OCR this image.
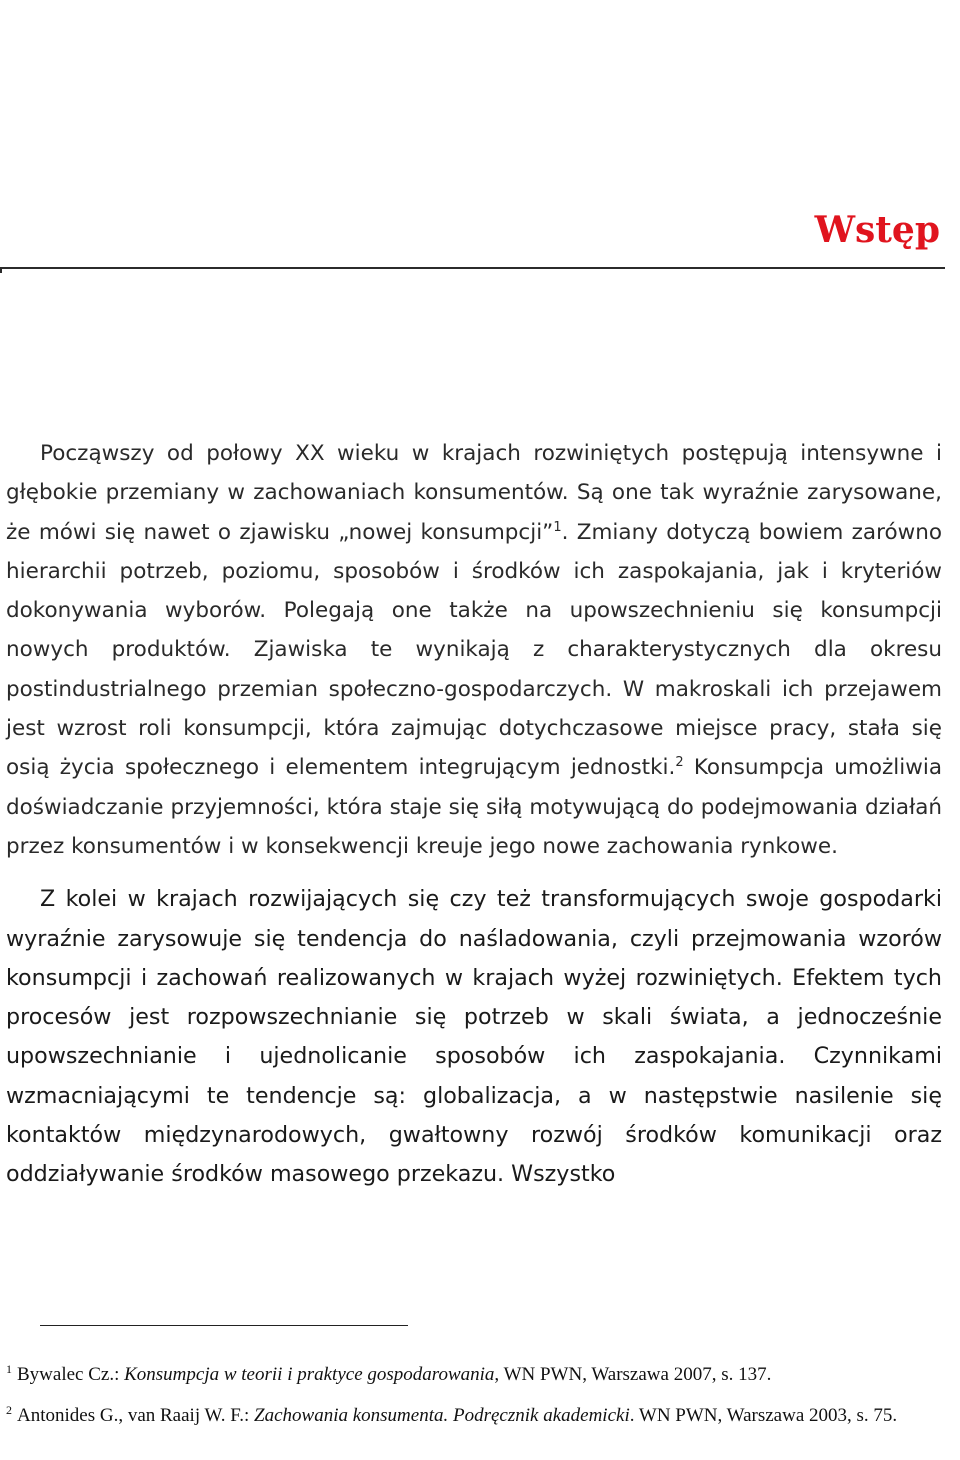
Wstęp

Począwszy od połowy XX wieku w krajach rozwiniętych postępują intensywne i głębokie przemiany w zachowaniach konsumentów. Są one tak wyraźnie zarysowane, że mówi się nawet o zjawisku „nowej konsumpcji”$^1$. Zmiany dotyczą bowiem zarówno hierarchii potrzeb, poziomu, sposobów i środków ich zaspokajania, jak i kryteriów dokonywania wyborów. Polegają one także na upowszechnieniu się konsumpcji nowych produktów. Zjawiska te wynikają z charakterystycznych dla okresu postindustrialnego przemian społeczno-gospodarczych. W makroskali ich przejawem jest wzrost roli konsumpcji, która zajmując dotychczasowe miejsce pracy, stała się osią życia społecznego i elementem integrującym jednostki.$^2$ Konsumpcja umożliwia doświadczanie przyjemności, która staje się siłą motywującą do podejmowania działań przez konsumentów i w konsekwencji kreuje jego nowe zachowania rynkowe.

Z kolei w krajach rozwijających się czy też transformujących swoje gospodarki wyraźnie zarysowuje się tendencja do naśladowania, czyli przejmowania wzorów konsumpcji i zachowań realizowanych w krajach wyżej rozwiniętych. Efektem tych procesów jest rozpowszechnianie się potrzeb w skali świata, a jednocześnie upowszechnianie i ujednolicanie sposobów ich zaspokajania. Czynnikami wzmacniającymi te tendencje są: globalizacja, a w następstwie nasilenie się kontaktów międzynarodowych, gwałtowny rozwój środków komunikacji oraz oddziaływanie środków masowego przekazu. Wszystko

$^1$ Bywalec Cz.: Konsumpcja w teorii i praktyce gospodarowania, WN PWN, Warszawa 2007, s. 137.

$^2$ Antonides G., van Raaij W. F.: Zachowania konsumenta. Podręcznik akademicki. WN PWN, Warszawa 2003, s. 75.
